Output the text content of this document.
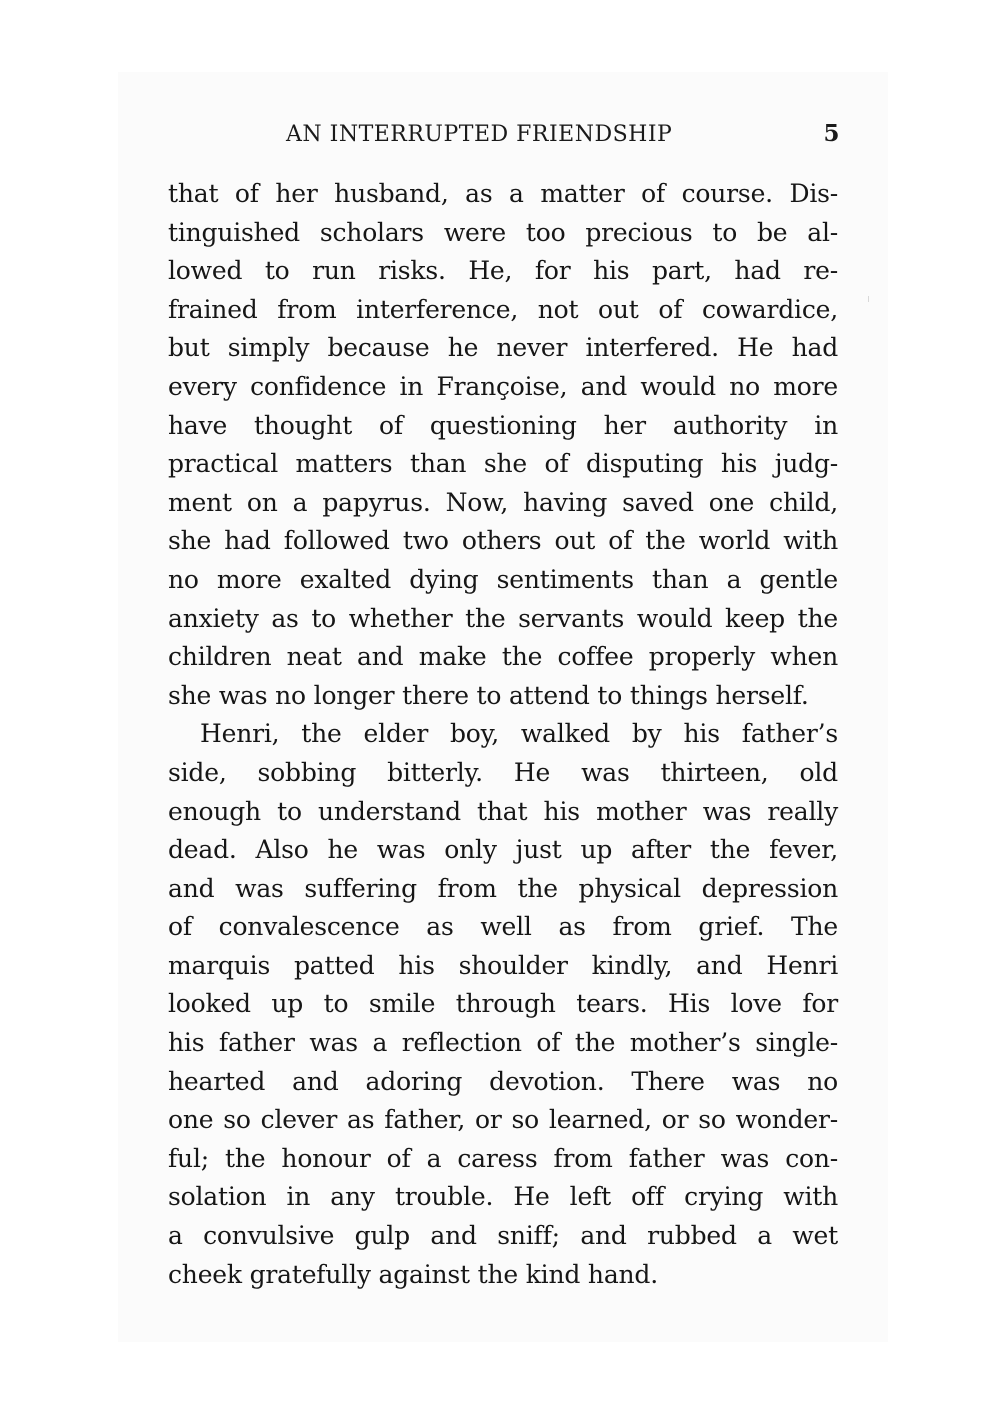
AN INTERRUPTED FRIENDSHIP	5
that of her husband, as a matter of course. Dis-
tinguished scholars were too precious to be al-
lowed to run risks. He, for his part, had re-
frained from interference, not out of cowardice,
but simply because he never interfered. He had
every confidence in Françoise, and would no more
have thought of questioning her authority in
practical matters than she of disputing his judg-
ment on a papyrus. Now, having saved one child,
she had followed two others out of the world with
no more exalted dying sentiments than a gentle
anxiety as to whether the servants would keep the
children neat and make the coffee properly when
she was no longer there to attend to things herself.
Henri, the elder boy, walked by his father’s
side, sobbing bitterly. He was thirteen, old
enough to understand that his mother was really
dead. Also he was only just up after the fever,
and was suffering from the physical depression
of convalescence as well as from grief. The
marquis patted his shoulder kindly, and Henri
looked up to smile through tears. His love for
his father was a reflection of the mother’s single-
hearted and adoring devotion. There was no
one so clever as father, or so learned, or so wonder-
ful; the honour of a caress from father was con-
solation in any trouble. He left off crying with
a convulsive gulp and sniff; and rubbed a wet
cheek gratefully against the kind hand.
